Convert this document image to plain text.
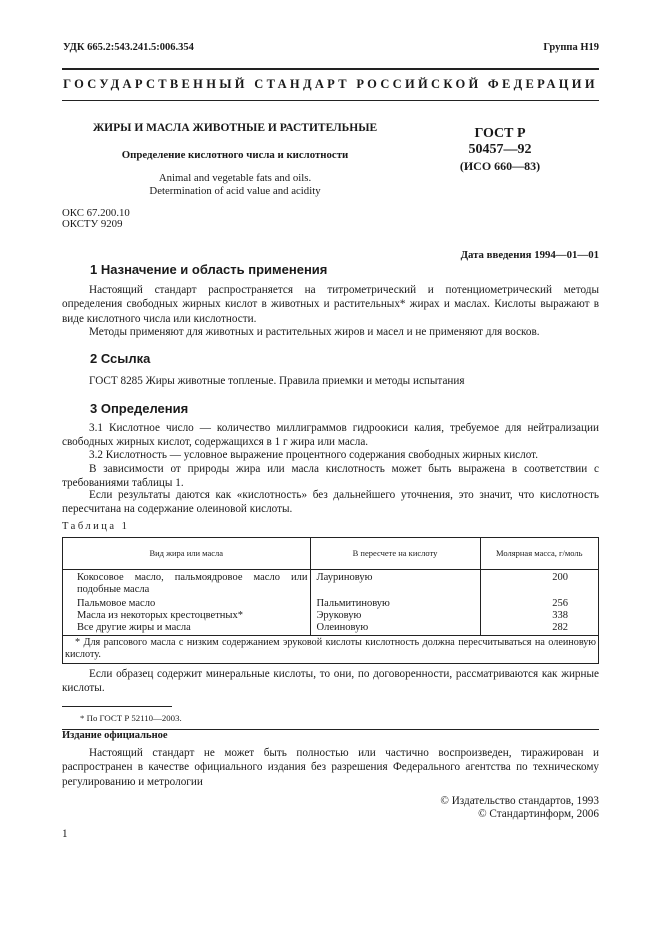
УДК 665.2:543.241.5:006.354	Группа Н19
ГОСУДАРСТВЕННЫЙ СТАНДАРТ РОССИЙСКОЙ ФЕДЕРАЦИИ
ЖИРЫ И МАСЛА ЖИВОТНЫЕ И РАСТИТЕЛЬНЫЕ
Определение кислотного числа и кислотности
Animal and vegetable fats and oils.
Determination of acid value and acidity
ГОСТ Р
50457—92
(ИСО 660—83)
ОКС 67.200.10
ОКСТУ 9209
Дата введения 1994—01—01
1 Назначение и область применения
Настоящий стандарт распространяется на титрометрический и потенциометрический методы определения свободных жирных кислот в животных и растительных* жирах и маслах. Кислоты выражают в виде кислотного числа или кислотности.
Методы применяют для животных и растительных жиров и масел и не применяют для восков.
2 Ссылка
ГОСТ 8285 Жиры животные топленые. Правила приемки и методы испытания
3 Определения
3.1 Кислотное число — количество миллиграммов гидроокиси калия, требуемое для нейтрализации свободных жирных кислот, содержащихся в 1 г жира или масла.
3.2 Кислотность — условное выражение процентного содержания свободных жирных кислот.
В зависимости от природы жира или масла кислотность может быть выражена в соответствии с требованиями таблицы 1.
Если результаты даются как «кислотность» без дальнейшего уточнения, это значит, что кислотность пересчитана на содержание олеиновой кислоты.
Таблица 1
Вид жира или масла	В пересчете на кислоту	Молярная масса, г/моль
Кокосовое масло, пальмоядровое масло или подобные масла	Лауриновую	200
Пальмовое масло	Пальмитиновую	256
Масла из некоторых крестоцветных*	Эруковую	338
Все другие жиры и масла	Олеиновую	282
* Для рапсового масла с низким содержанием эруковой кислоты кислотность должна пересчитываться на олеиновую кислоту.		
Если образец содержит минеральные кислоты, то они, по договоренности, рассматриваются как жирные кислоты.
* По ГОСТ Р 52110—2003.
Издание официальное
Настоящий стандарт не может быть полностью или частично воспроизведен, тиражирован и распространен в качестве официального издания без разрешения Федерального агентства по техническому регулированию и метрологии
© Издательство стандартов, 1993
© Стандартинформ, 2006
1
